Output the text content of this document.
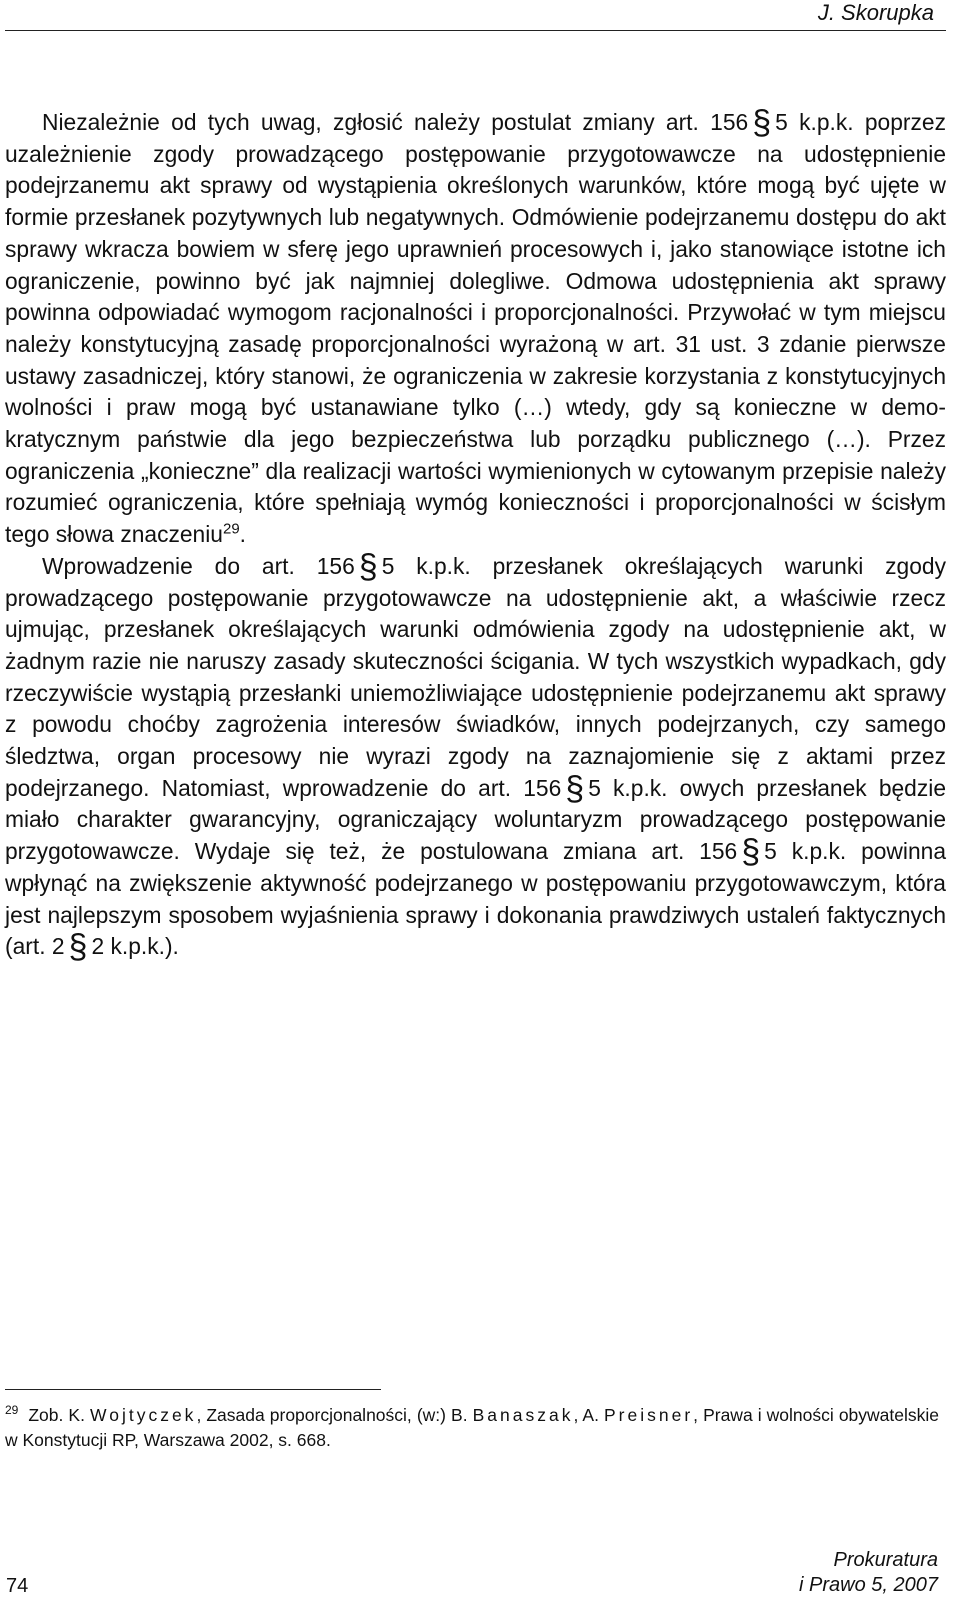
J. Skorupka

Niezależnie od tych uwag, zgłosić należy postulat zmiany art. 156 § 5 k.p.k. poprzez uzależnienie zgody prowadzącego postępowanie przygotowawcze na udostępnienie podejrzanemu akt sprawy od wystąpienia określonych warunków, które mogą być ujęte w formie przesłanek pozytywnych lub negatywnych. Odmówienie podejrzanemu dostępu do akt sprawy wkracza bowiem w sferę jego uprawnień procesowych i, jako stanowiące istotne ich ograniczenie, powinno być jak najmniej dolegliwe. Odmowa udostępnienia akt sprawy powinna odpowiadać wymogom racjonalności i proporcjonalności. Przywołać w tym miejscu należy konstytucyjną zasadę proporcjonalności wyrażoną w art. 31 ust. 3 zdanie pierwsze ustawy zasadniczej, który stanowi, że ograniczenia w zakresie korzystania z konstytucyjnych wolności i praw mogą być ustanawiane tylko (…) wtedy, gdy są konieczne w demokratycznym państwie dla jego bezpieczeństwa lub porządku publicznego (…). Przez ograniczenia „konieczne” dla realizacji wartości wymienionych w cytowanym przepisie należy rozumieć ograniczenia, które spełniają wymóg konieczności i proporcjonalności w ścisłym tego słowa znaczeniu$^{29}$.

Wprowadzenie do art. 156 § 5 k.p.k. przesłanek określających warunki zgody prowadzącego postępowanie przygotowawcze na udostępnienie akt, a właściwie rzecz ujmując, przesłanek określających warunki odmówienia zgody na udostępnienie akt, w żadnym razie nie naruszy zasady skuteczności ścigania. W tych wszystkich wypadkach, gdy rzeczywiście wystąpią przesłanki uniemożliwiające udostępnienie podejrzanemu akt sprawy z powodu choćby zagrożenia interesów świadków, innych podejrzanych, czy samego śledztwa, organ procesowy nie wyrazi zgody na zaznajomienie się z aktami przez podejrzanego. Natomiast, wprowadzenie do art. 156 § 5 k.p.k. owych przesłanek będzie miało charakter gwarancyjny, ograniczający woluntaryzm prowadzącego postępowanie przygotowawcze. Wydaje się też, że postulowana zmiana art. 156 § 5 k.p.k. powinna wpłynąć na zwiększenie aktywność podejrzanego w postępowaniu przygotowawczym, która jest najlepszym sposobem wyjaśnienia sprawy i dokonania prawdziwych ustaleń faktycznych (art. 2 § 2 k.p.k.).

$^{29}$ Zob. K. Wojtyczek, Zasada proporcjonalności, (w:) B. Banaszak, A. Preisner, Prawa i wolności obywatelskie w Konstytucji RP, Warszawa 2002, s. 668.
74
Prokuratura
i Prawo 5, 2007
